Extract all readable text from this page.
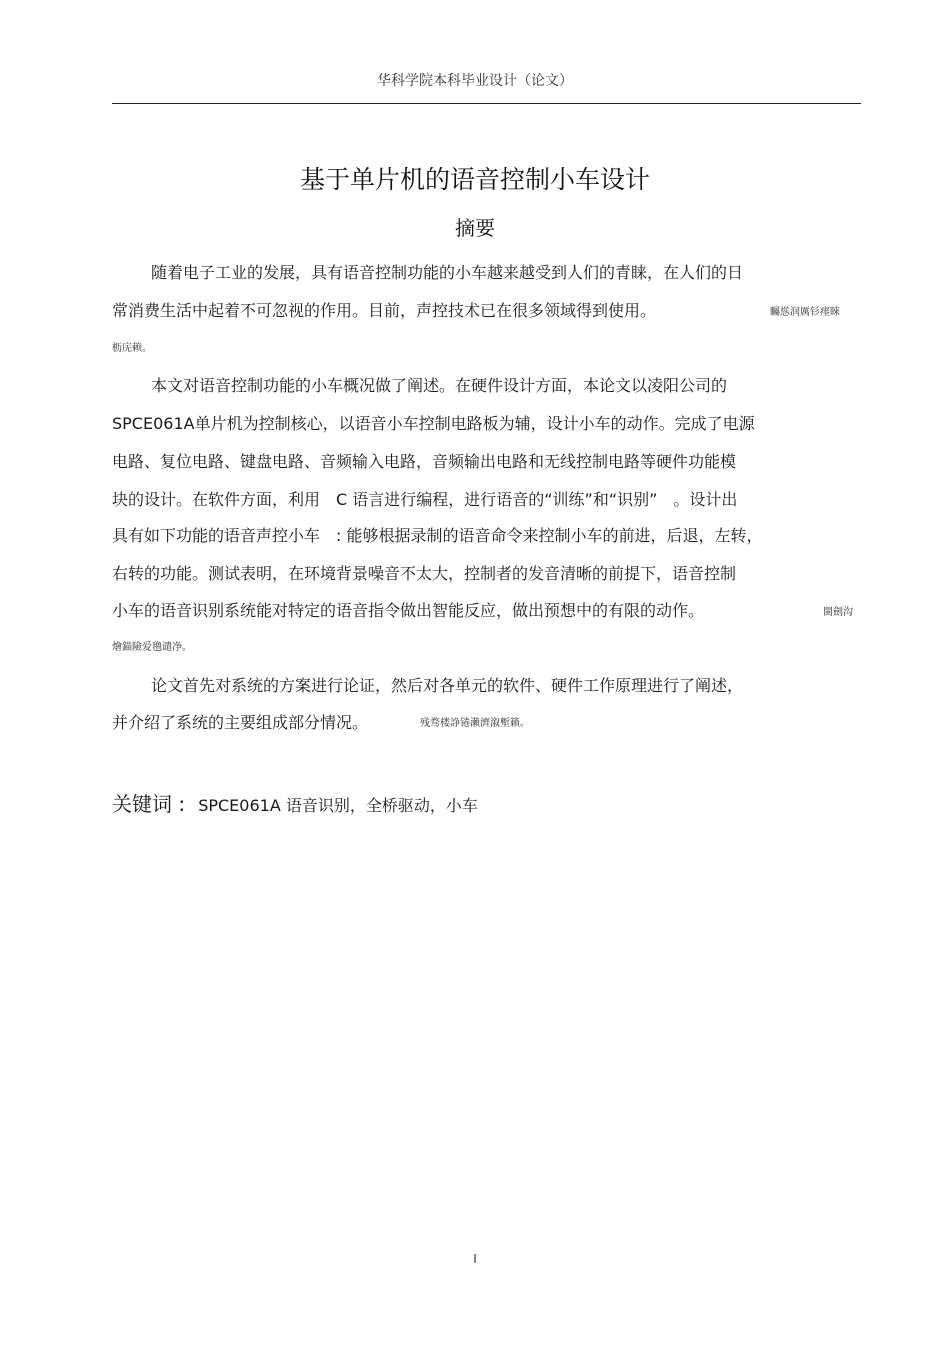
华科学院本科毕业设计（论文）
基于单片机的语音控制小车设计
摘要
随着电子工业的发展，具有语音控制功能的小车越来越受到人们的青睐，在人们的日
常消费生活中起着不可忽视的作用。目前，声控技术已在很多领域得到使用。	矚慫润厲钐瘗睞
枥庑赖。
本文对语音控制功能的小车概况做了阐述。在硬件设计方面，本论文以凌阳公司的
SPCE061A单片机为控制核心，以语音小车控制电路板为辅，设计小车的动作。完成了电源
电路、复位电路、键盘电路、音频输入电路，音频输出电路和无线控制电路等硬件功能模
块的设计。在软件方面，利用　C 语言进行编程，进行语音的“训练”和“识别”　。设计出
具有如下功能的语音声控小车　: 能够根据录制的语音命令来控制小车的前进，后退，左转，
右转的功能。测试表明，在环境背景噪音不太大，控制者的发音清晰的前提下，语音控制
小车的语音识别系统能对特定的语音指令做出智能反应，做出预想中的有限的动作。	閩劍沟
燴錨險爱氇谴净。
论文首先对系统的方案进行论证，然后对各单元的软件、硬件工作原理进行了阐述，
并介绍了系统的主要组成部分情况。	残骛楼諍锩瀨濟溆塹籟。
关键词 : SPCE061A 语音识别，全桥驱动，小车
I
